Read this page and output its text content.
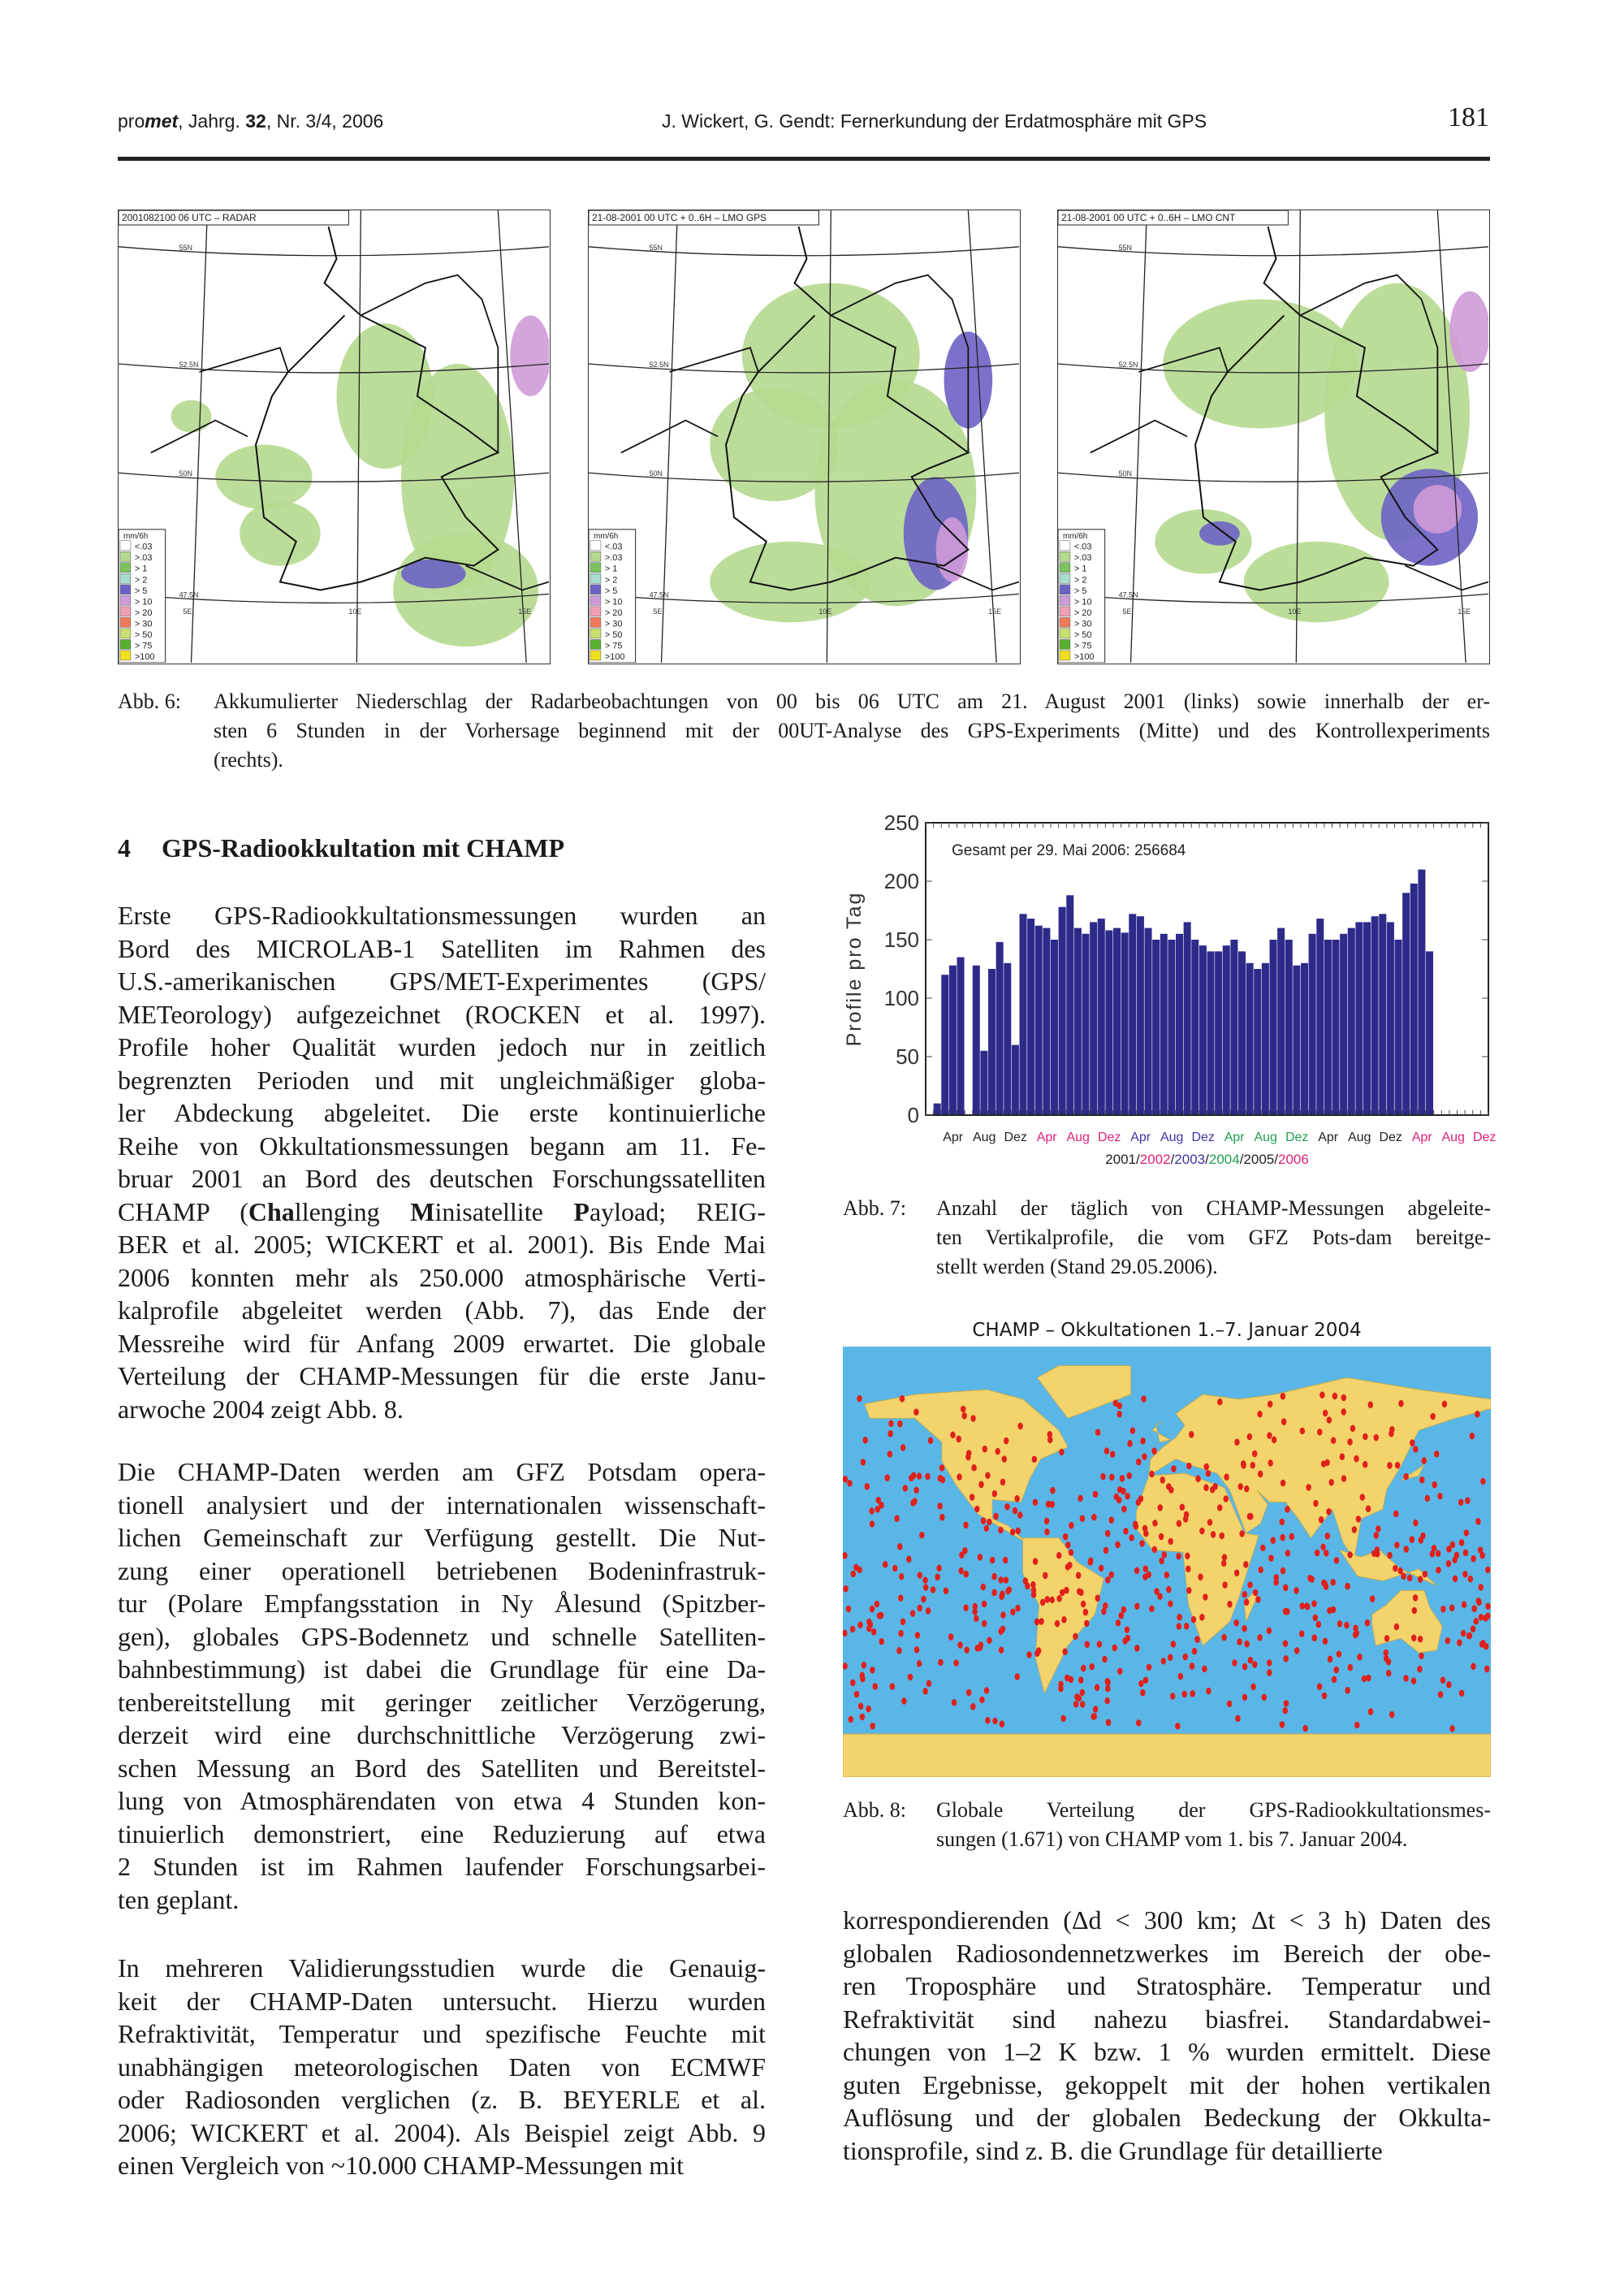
promet, Jahrg. 32, Nr. 3/4, 2006	J. Wickert, G. Gendt: Fernerkundung der Erdatmosphäre mit GPS	181
55N
52.5N
50N
47.5N
5E	10E	15E
2001082100 06 UTC – RADAR
mm/6h
<.03
>.03
> 1
> 2
> 5
> 10
> 20
> 30
> 50
> 75
>100
55N
52.5N
50N
47.5N
5E	10E	15E
21-08-2001 00 UTC + 0..6H – LMO GPS
mm/6h
<.03
>.03
> 1
> 2
> 5
> 10
> 20
> 30
> 50
> 75
>100
55N
52.5N
50N
47.5N
5E	10E	15E
21-08-2001 00 UTC + 0..6H – LMO CNT
mm/6h
<.03
>.03
> 1
> 2
> 5
> 10
> 20
> 30
> 50
> 75
>100
Abb. 6: Akkumulierter Niederschlag der Radarbeobachtungen von 00 bis 06 UTC am 21. August 2001 (links) sowie innerhalb der er-
sten 6 Stunden in der Vorhersage beginnend mit der 00UT-Analyse des GPS-Experiments (Mitte) und des Kontrollexperiments
(rechts).
4 GPS-Radiookkultation mit CHAMP
Erste GPS-Radiookkultationsmessungen wurden an
Bord des MICROLAB-1 Satelliten im Rahmen des
U.S.-amerikanischen GPS/MET-Experimentes (GPS/
METeorology) aufgezeichnet (ROCKEN et al. 1997).
Profile hoher Qualität wurden jedoch nur in zeitlich
begrenzten Perioden und mit ungleichmäßiger globa-
ler Abdeckung abgeleitet. Die erste kontinuierliche
Reihe von Okkultationsmessungen begann am 11. Fe-
bruar 2001 an Bord des deutschen Forschungssatelliten
CHAMP (Challenging Minisatellite Payload; REIG-
BER et al. 2005; WICKERT et al. 2001). Bis Ende Mai
2006 konnten mehr als 250.000 atmosphärische Verti-
kalprofile abgeleitet werden (Abb. 7), das Ende der
Messreihe wird für Anfang 2009 erwartet. Die globale
Verteilung der CHAMP-Messungen für die erste Janu-
arwoche 2004 zeigt Abb. 8.
Die CHAMP-Daten werden am GFZ Potsdam opera-
tionell analysiert und der internationalen wissenschaft-
lichen Gemeinschaft zur Verfügung gestellt. Die Nut-
zung einer operationell betriebenen Bodeninfrastruk-
tur (Polare Empfangsstation in Ny Ålesund (Spitzber-
gen), globales GPS-Bodennetz und schnelle Satelliten-
bahnbestimmung) ist dabei die Grundlage für eine Da-
tenbereitstellung mit geringer zeitlicher Verzögerung,
derzeit wird eine durchschnittliche Verzögerung zwi-
schen Messung an Bord des Satelliten und Bereitstel-
lung von Atmosphärendaten von etwa 4 Stunden kon-
tinuierlich demonstriert, eine Reduzierung auf etwa
2 Stunden ist im Rahmen laufender Forschungsarbei-
ten geplant.
In mehreren Validierungsstudien wurde die Genauig-
keit der CHAMP-Daten untersucht. Hierzu wurden
Refraktivität, Temperatur und spezifische Feuchte mit
unabhängigen meteorologischen Daten von ECMWF
oder Radiosonden verglichen (z. B. BEYERLE et al.
2006; WICKERT et al. 2004). Als Beispiel zeigt Abb. 9
einen Vergleich von ~10.000 CHAMP-Messungen mit
0
50
100
150
200
250
Profile pro Tag
Gesamt per 29. Mai 2006: 256684
Apr Aug Dez Apr Aug Dez Apr Aug Dez Apr Aug Dez Apr Aug Dez Apr Aug Dez
2001/2002/2003/2004/2005/2006
Abb. 7: Anzahl der täglich von CHAMP-Messungen abgeleite-
ten Vertikalprofile, die vom GFZ Pots-dam bereitge-
stellt werden (Stand 29.05.2006).
CHAMP – Okkultationen 1.–7. Januar 2004
Abb. 8: Globale Verteilung der GPS-Radiookkultationsmes-
sungen (1.671) von CHAMP vom 1. bis 7. Januar 2004.
korrespondierenden (Δd < 300 km; Δt < 3 h) Daten des
globalen Radiosondennetzwerkes im Bereich der obe-
ren Troposphäre und Stratosphäre. Temperatur und
Refraktivität sind nahezu biasfrei. Standardabwei-
chungen von 1–2 K bzw. 1 % wurden ermittelt. Diese
guten Ergebnisse, gekoppelt mit der hohen vertikalen
Auflösung und der globalen Bedeckung der Okkulta-
tionsprofile, sind z. B. die Grundlage für detaillierte
